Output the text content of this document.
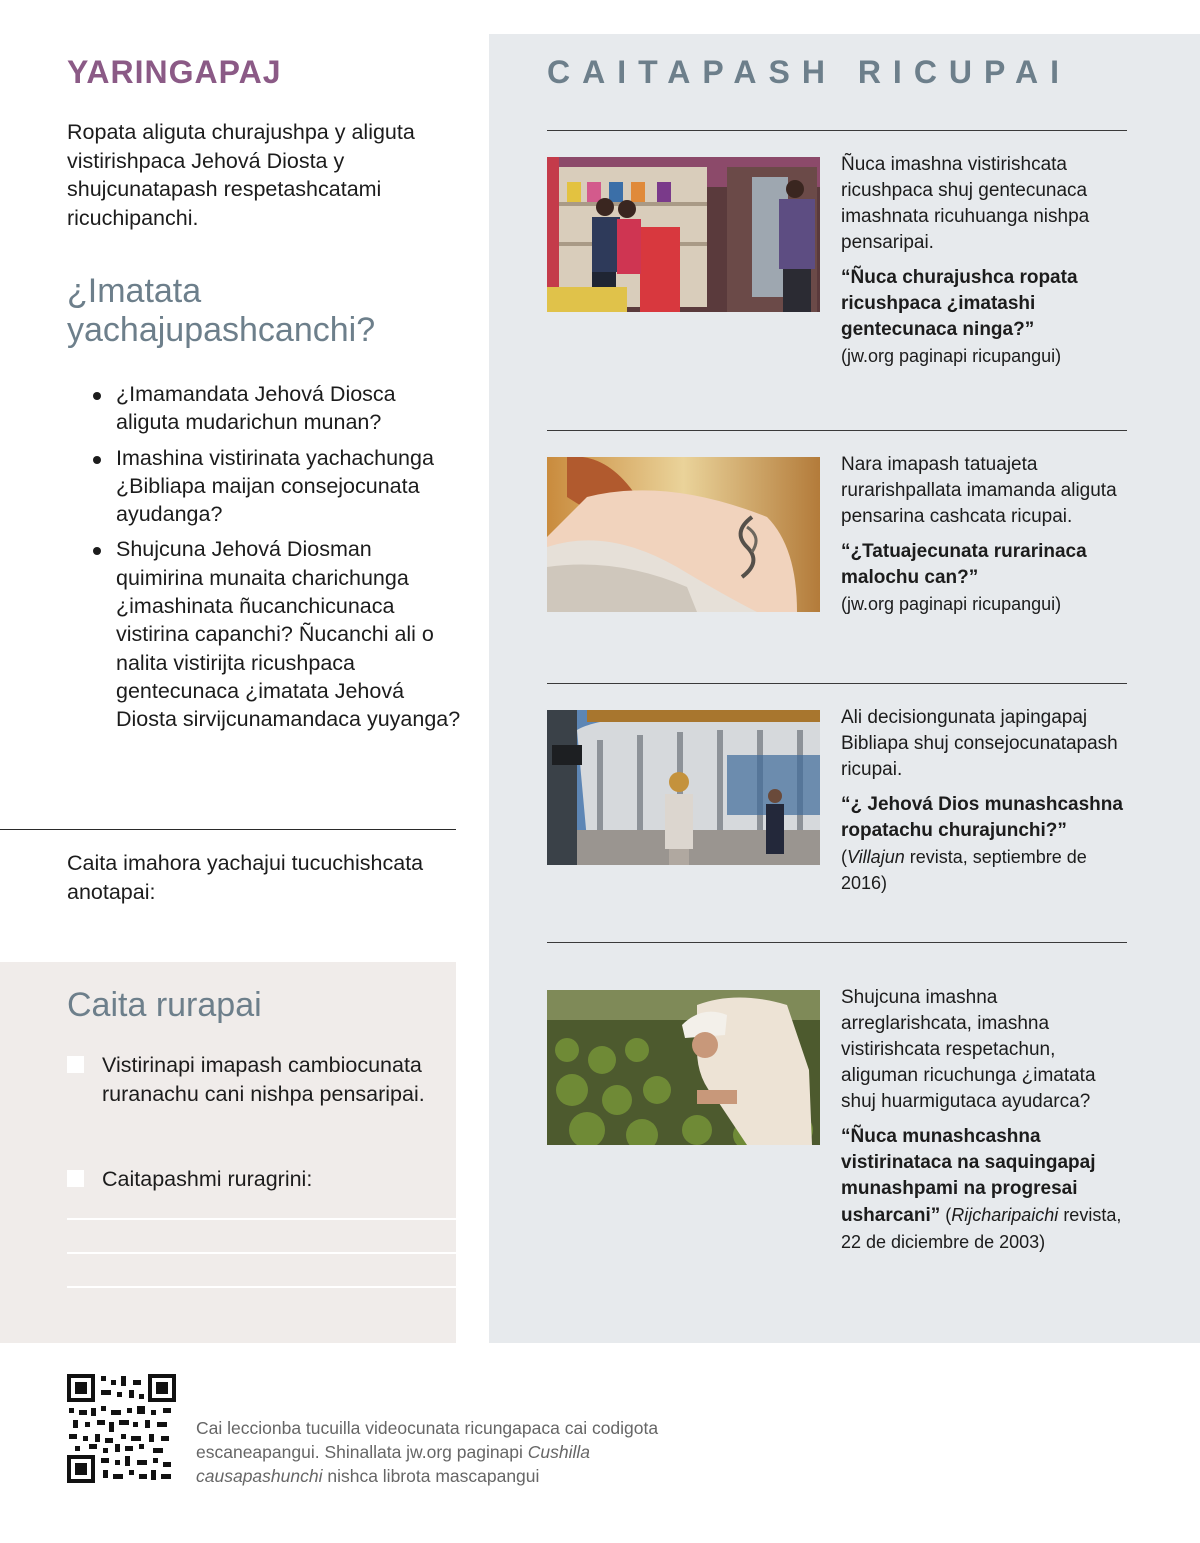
YARINGAPAJ

Ropata aliguta churajushpa y aliguta vistirishpaca Jehová Diosta y shujcunatapash respetashcatami ricuchipanchi.

¿Imatata yachajupashcanchi?
¿Imamandata Jehová Diosca aliguta mudarichun munan?
Imashina vistirinata yachachunga ¿Bibliapa maijan consejocunata ayudanga?
Shujcuna Jehová Diosman quimirina munaita charichunga ¿imashinata ñucanchicunaca vistirina capanchi? Ñucanchi ali o nalita vistirijta ricushpaca gentecunaca ¿imatata Jehová Diosta sirvijcunamandaca yuyanga?

Caita imahora yachajui tucuchishcata anotapai:

Caita rurapai
Vistirinapi imapash cambiocunata ruranachu cani nishpa pensaripai.
Caitapashmi ruragrini:
CAITAPASH RICUPAI

Ñuca imashna vistirishcata ricushpaca shuj gentecunaca imashnata ricuhuanga nishpa pensaripai.
“Ñuca churajushca ropata ricushpaca ¿imatashi gentecunaca ninga?”
(jw.org paginapi ricupangui)

Nara imapash tatuajeta rurarishpallata imamanda aliguta pensarina cashcata ricupai.
“¿Tatuajecunata rurarinaca malochu can?”
(jw.org paginapi ricupangui)

Ali decisiongunata japingapaj Bibliapa shuj consejocunatapash ricupai.
“¿ Jehová Dios munashcashna ropatachu churajunchi?”
(Villajun revista, septiembre de 2016)

Shujcuna imashna arreglarishcata, imashna vistirishcata respetachun, aliguman ricuchunga ¿imatata shuj huarmigutaca ayudarca?
“Ñuca munashcashna vistirinataca na saquingapaj munashpami na progresai usharcani” (Rijcharipaichi revista, 22 de diciembre de 2003)

Cai leccionba tucuilla videocunata ricungapaca cai codigota escaneapangui. Shinallata jw.org paginapi Cushilla causapashunchi nishca librota mascapangui
